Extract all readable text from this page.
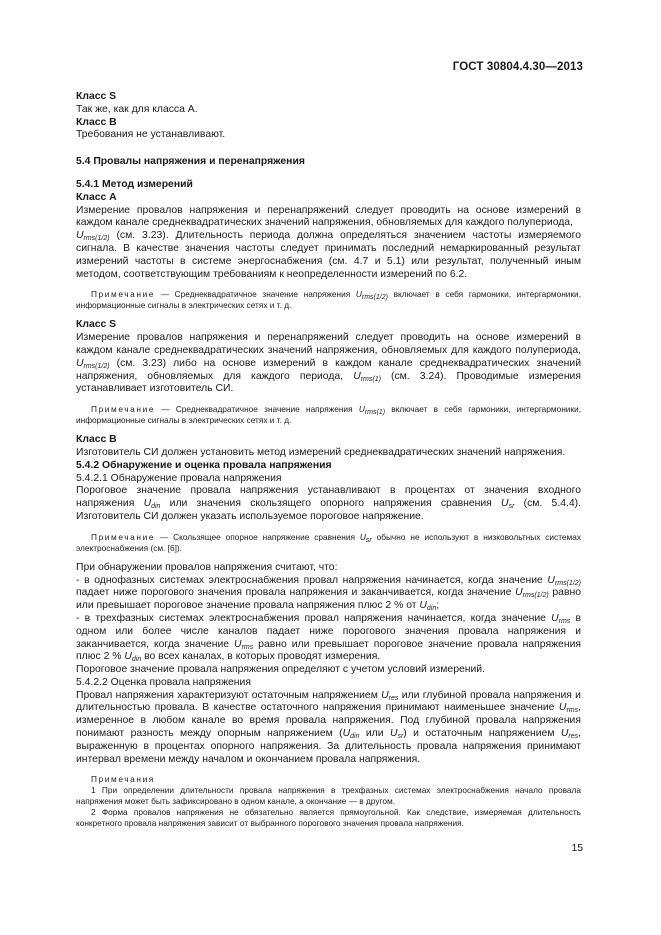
ГОСТ 30804.4.30—2013

Класс S

Так же, как для класса А.

Класс В

Требования не устанавливают.

5.4 Провалы напряжения и перенапряжения

5.4.1 Метод измерений

Класс А

Измерение провалов напряжения и перенапряжений следует проводить на основе измерений в каждом канале среднеквадратических значений напряжения, обновляемых для каждого полупериода,
$U_{rms(1/2)}$ (см. 3.23). Длительность периода должна определяться значением частоты измеряемого сигнала. В качестве значения частоты следует принимать последний немаркированный результат измерений частоты в системе энергоснабжения (см. 4.7 и 5.1) или результат, полученный иным методом, соответствующим требованиям к неопределенности измерений по 6.2.

Примечание — Среднеквадратичное значение напряжения $U_{rms(1/2)}$ включает в себя гармоники, интергармоники, информационные сигналы в электрических сетях и т. д.

Класс S

Измерение провалов напряжения и перенапряжений следует проводить на основе измерений в каждом канале среднеквадратических значений напряжения, обновляемых для каждого полупериода, $U_{rms(1/2)}$ (см. 3.23) либо на основе измерений в каждом канале среднеквадратических значений напряжения, обновляемых для каждого периода, $U_{rms(1)}$ (см. 3.24). Проводимые измерения устанавливает изготовитель СИ.

Примечание — Среднеквадратичное значение напряжения $U_{rms(1)}$ включает в себя гармоники, интергармоники, информационные сигналы в электрических сетях и т. д.

Класс В

Изготовитель СИ должен установить метод измерений среднеквадратических значений напряжения.

5.4.2 Обнаружение и оценка провала напряжения

5.4.2.1 Обнаружение провала напряжения

Пороговое значение провала напряжения устанавливают в процентах от значения входного напряжения $U_{din}$ или значения скользящего опорного напряжения сравнения $U_{sr}$ (см. 5.4.4). Изготовитель СИ должен указать используемое пороговое напряжение.

Примечание — Скользящее опорное напряжение сравнения $U_{sr}$ обычно не используют в низковольтных системах электроснабжения (см. [6]).

При обнаружении провалов напряжения считают, что:

- в однофазных системах электроснабжения провал напряжения начинается, когда значение $U_{rms(1/2)}$ падает ниже порогового значения провала напряжения и заканчивается, когда значение $U_{rms(1/2)}$ равно или превышает пороговое значение провала напряжения плюс 2 % от $U_{din}$;

- в трехфазных системах электроснабжения провал напряжения начинается, когда значение $U_{rms}$ в одном или более числе каналов падает ниже порогового значения провала напряжения и заканчивается, когда значение $U_{rms}$ равно или превышает пороговое значение провала напряжения плюс 2 % $U_{din}$ во всех каналах, в которых проводят измерения.

Пороговое значение провала напряжения определяют с учетом условий измерений.

5.4.2.2 Оценка провала напряжения

Провал напряжения характеризуют остаточным напряжением $U_{res}$ или глубиной провала напряжения и длительностью провала. В качестве остаточного напряжения принимают наименьшее значение $U_{rms}$, измеренное в любом канале во время провала напряжения. Под глубиной провала напряжения понимают разность между опорным напряжением ($U_{din}$ или $U_{sr}$) и остаточным напряжением $U_{res}$, выраженную в процентах опорного напряжения. За длительность провала напряжения принимают интервал времени между началом и окончанием провала напряжения.

Примечания

1 При определении длительности провала напряжения в трехфазных системах электроснабжения начало провала напряжения может быть зафиксировано в одном канале, а окончание — в другом.

2 Форма провалов напряжения не обязательно является прямоугольной. Как следствие, измеряемая длительность конкретного провала напряжения зависит от выбранного порогового значения провала напряжения.

15
